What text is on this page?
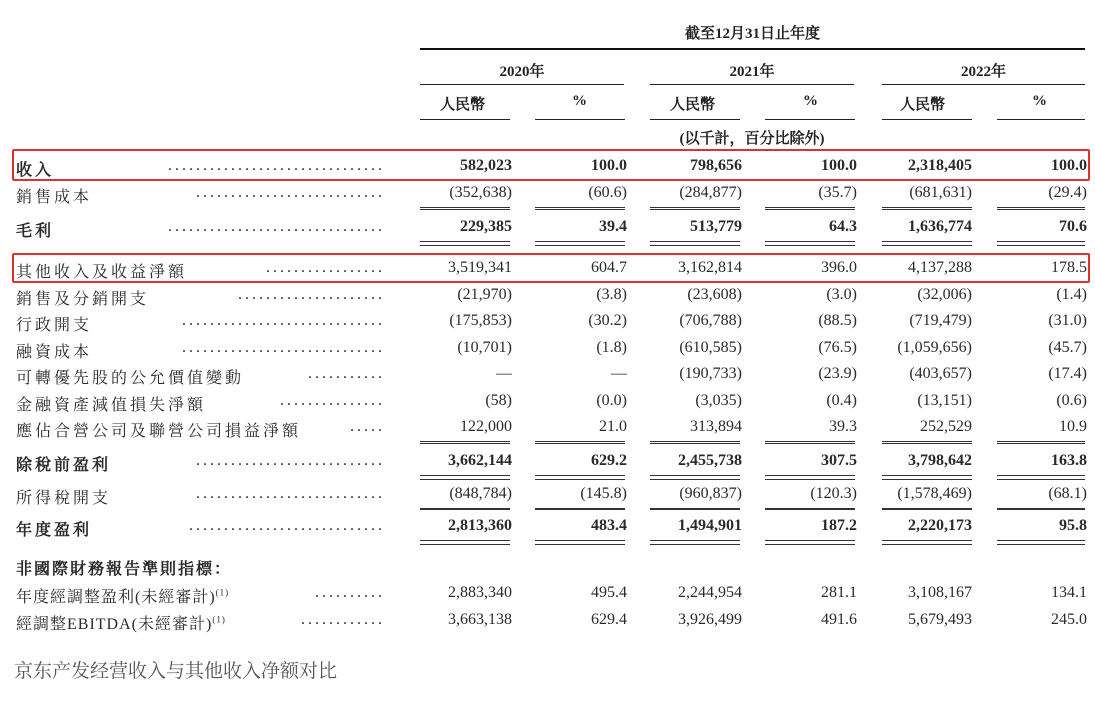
截至12月31日止年度
2020年	2021年	2022年
人民幣	%	人民幣	%	人民幣	%
(以千計，百分比除外)
收入	...............................	582,023	100.0	798,656	100.0	2,318,405	100.0
銷售成本	...........................	(352,638)	(60.6)	(284,877)	(35.7)	(681,631)	(29.4)
毛利	...............................	229,385	39.4	513,779	64.3	1,636,774	70.6
其他收入及收益淨額	.................	3,519,341	604.7	3,162,814	396.0	4,137,288	178.5
銷售及分銷開支	.....................	(21,970)	(3.8)	(23,608)	(3.0)	(32,006)	(1.4)
行政開支	.............................	(175,853)	(30.2)	(706,788)	(88.5)	(719,479)	(31.0)
融資成本	.............................	(10,701)	(1.8)	(610,585)	(76.5)	(1,059,656)	(45.7)
可轉優先股的公允價值變動	...........	—	—	(190,733)	(23.9)	(403,657)	(17.4)
金融資產減值損失淨額	...............	(58)	(0.0)	(3,035)	(0.4)	(13,151)	(0.6)
應佔合營公司及聯營公司損益淨額	.....	122,000	21.0	313,894	39.3	252,529	10.9
除稅前盈利	...........................	3,662,144	629.2	2,455,738	307.5	3,798,642	163.8
所得稅開支	...........................	(848,784)	(145.8)	(960,837)	(120.3)	(1,578,469)	(68.1)
年度盈利	............................	2,813,360	483.4	1,494,901	187.2	2,220,173	95.8
非國際財務報告準則指標：
年度經調整盈利(未經審計)$^{(1)}$	..........	2,883,340	495.4	2,244,954	281.1	3,108,167	134.1
經調整EBITDA(未經審計)$^{(1)}$	............	3,663,138	629.4	3,926,499	491.6	5,679,493	245.0
京东产发经营收入与其他收入净额对比
